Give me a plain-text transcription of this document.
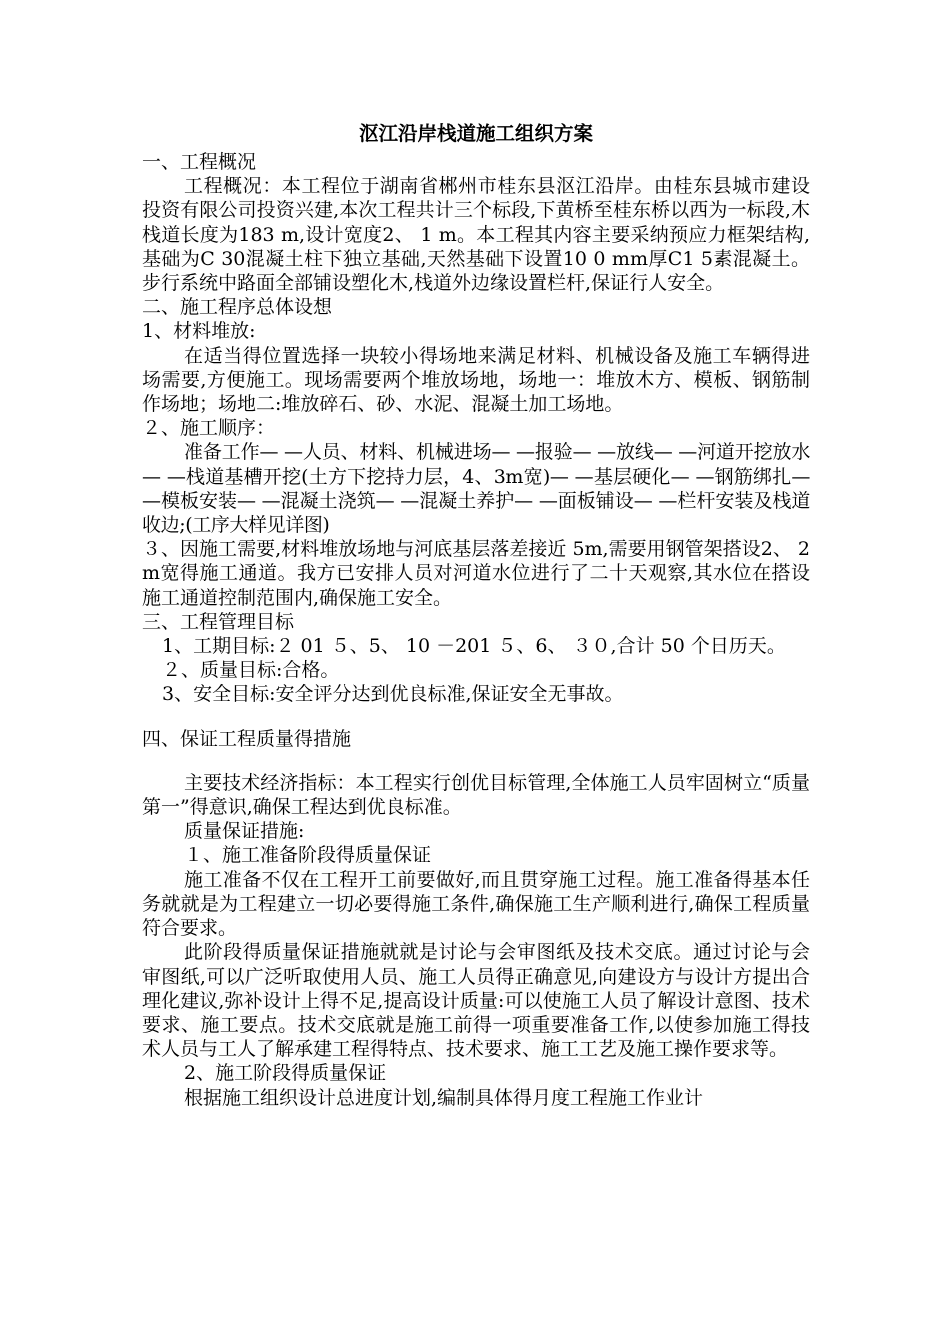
沤江沿岸栈道施工组织方案

一、工程概况

工程概况：本工程位于湖南省郴州市桂东县沤江沿岸。由桂东县城市建设投资有限公司投资兴建,本次工程共计三个标段,下黄桥至桂东桥以西为一标段,木栈道长度为183 m,设计宽度2、 1 m。本工程其内容主要采纳预应力框架结构,基础为C 30混凝土柱下独立基础,天然基础下设置10 0 mm厚C1 5素混凝土。步行系统中路面全部铺设塑化木,栈道外边缘设置栏杆,保证行人安全。

二、施工程序总体设想

1、材料堆放:

在适当得位置选择一块较小得场地来满足材料、机械设备及施工车辆得进场需要,方便施工。现场需要两个堆放场地，场地一：堆放木方、模板、钢筋制作场地；场地二:堆放碎石、砂、水泥、混凝土加工场地。

２、施工顺序：

准备工作— —人员、材料、机械进场— —报验— —放线— —河道开挖放水— —栈道基槽开挖(土方下挖持力层，4、3m宽)— —基层硬化— —钢筋绑扎— —模板安装— —混凝土浇筑— —混凝土养护— —面板铺设— —栏杆安装及栈道收边;(工序大样见详图)

３、因施工需要,材料堆放场地与河底基层落差接近 5m,需要用钢管架搭设2、 2 m宽得施工通道。我方已安排人员对河道水位进行了二十天观察,其水位在搭设施工通道控制范围内,确保施工安全。

三、工程管理目标

1、工期目标:２ 01 ５、5、 10 －201 ５、6、 ３０,合计 50 个日历天。

２、质量目标:合格。

3、安全目标:安全评分达到优良标准,保证安全无事故。

四、保证工程质量得措施

主要技术经济指标：本工程实行创优目标管理,全体施工人员牢固树立“质量第一”得意识,确保工程达到优良标准。

质量保证措施:

１、施工准备阶段得质量保证

施工准备不仅在工程开工前要做好,而且贯穿施工过程。施工准备得基本任务就就是为工程建立一切必要得施工条件,确保施工生产顺利进行,确保工程质量符合要求。

此阶段得质量保证措施就就是讨论与会审图纸及技术交底。通过讨论与会审图纸,可以广泛听取使用人员、施工人员得正确意见,向建设方与设计方提出合理化建议,弥补设计上得不足,提高设计质量:可以使施工人员了解设计意图、技术要求、施工要点。技术交底就是施工前得一项重要准备工作,以使参加施工得技术人员与工人了解承建工程得特点、技术要求、施工工艺及施工操作要求等。

2、施工阶段得质量保证

根据施工组织设计总进度计划,编制具体得月度工程施工作业计
